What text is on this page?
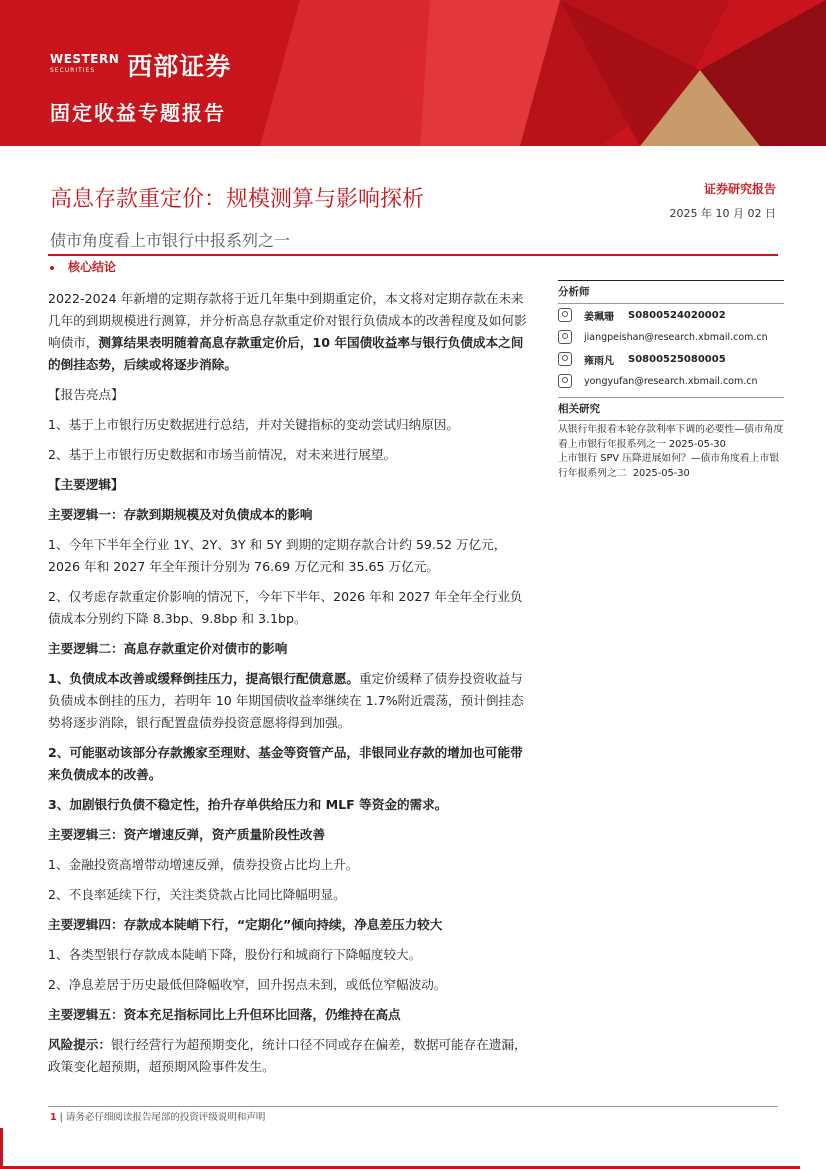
WESTERN
SECURITIES	西部证券
固定收益专题报告
高息存款重定价：规模测算与影响探析
债市角度看上市银行中报系列之一
证券研究报告
2025 年 10 月 02 日
核心结论

2022-2024 年新增的定期存款将于近几年集中到期重定价，本文将对定期存款在未来几年的到期规模进行测算，并分析高息存款重定价对银行负债成本的改善程度及如何影响债市，测算结果表明随着高息存款重定价后，10 年国债收益率与银行负债成本之间的倒挂态势，后续或将逐步消除。

【报告亮点】

1、基于上市银行历史数据进行总结，并对关键指标的变动尝试归纳原因。

2、基于上市银行历史数据和市场当前情况，对未来进行展望。

【主要逻辑】

主要逻辑一：存款到期规模及对负债成本的影响

1、今年下半年全行业 1Y、2Y、3Y 和 5Y 到期的定期存款合计约 59.52 万亿元，2026 年和 2027 年全年预计分别为 76.69 万亿元和 35.65 万亿元。

2、仅考虑存款重定价影响的情况下，今年下半年、2026 年和 2027 年全年全行业负债成本分别约下降 8.3bp、9.8bp 和 3.1bp。

主要逻辑二：高息存款重定价对债市的影响

1、负债成本改善或缓释倒挂压力，提高银行配债意愿。重定价缓释了债券投资收益与负债成本倒挂的压力，若明年 10 年期国债收益率继续在 1.7%附近震荡，预计倒挂态势将逐步消除，银行配置盘债券投资意愿将得到加强。

2、可能驱动该部分存款搬家至理财、基金等资管产品，非银同业存款的增加也可能带来负债成本的改善。

3、加剧银行负债不稳定性，抬升存单供给压力和 MLF 等资金的需求。

主要逻辑三：资产增速反弹，资产质量阶段性改善

1、金融投资高增带动增速反弹，债券投资占比均上升。

2、不良率延续下行，关注类贷款占比同比降幅明显。

主要逻辑四：存款成本陡峭下行，“定期化”倾向持续，净息差压力较大

1、各类型银行存款成本陡峭下降，股份行和城商行下降幅度较大。

2、净息差居于历史最低但降幅收窄，回升拐点未到，或低位窄幅波动。

主要逻辑五：资本充足指标同比上升但环比回落，仍维持在高点

风险提示：银行经营行为超预期变化，统计口径不同或存在偏差，数据可能存在遗漏，政策变化超预期，超预期风险事件发生。

分析师
姜珮珊 S0800524020002
jiangpeishan@research.xbmail.com.cn
雍雨凡 S0800525080005
yongyufan@research.xbmail.com.cn
相关研究

从银行年报看本轮存款利率下调的必要性—债市角度看上市银行年报系列之一 2025-05-30

上市银行 SPV 压降进展如何？—债市角度看上市银行年报系列之二 2025-05-30

1 | 请务必仔细阅读报告尾部的投资评级说明和声明
